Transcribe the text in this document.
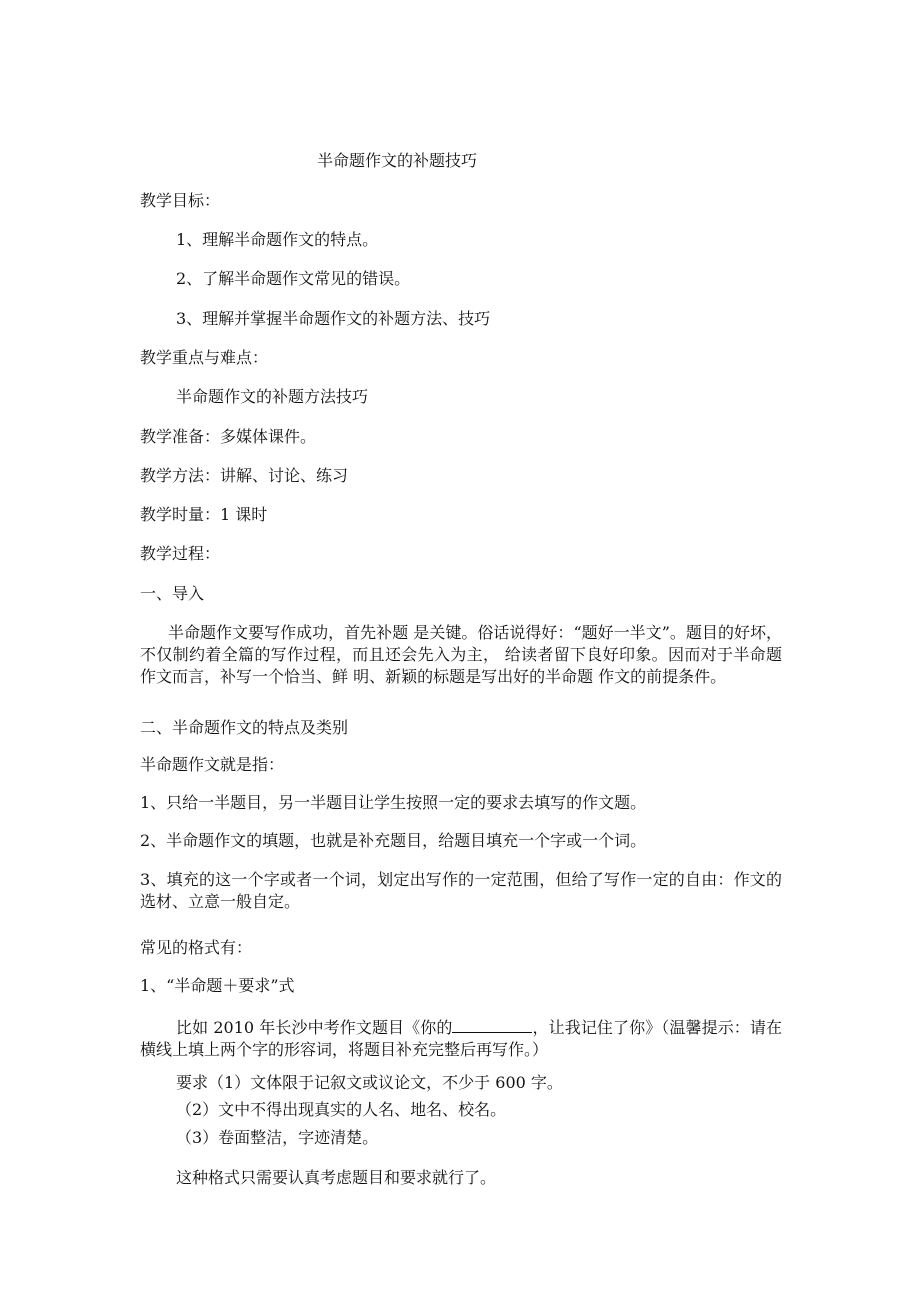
半命题作文的补题技巧
教学目标：
1、理解半命题作文的特点。
2、了解半命题作文常见的错误。
3、理解并掌握半命题作文的补题方法、技巧
教学重点与难点：
半命题作文的补题方法技巧
教学准备：多媒体课件。
教学方法：讲解、讨论、练习
教学时量：1 课时
教学过程：
一、导入
半命题作文要写作成功，首先补题 是关键。俗话说得好：“题好一半文”。题目的好坏，不仅制约着全篇的写作过程，而且还会先入为主， 给读者留下良好印象。因而对于半命题作文而言，补写一个恰当、鲜 明、新颖的标题是写出好的半命题 作文的前提条件。
二、半命题作文的特点及类别
半命题作文就是指：
1、只给一半题目，另一半题目让学生按照一定的要求去填写的作文题。
2、半命题作文的填题，也就是补充题目，给题目填充一个字或一个词。
3、填充的这一个字或者一个词，划定出写作的一定范围，但给了写作一定的自由：作文的选材、立意一般自定。
常见的格式有：
1、“半命题＋要求”式
比如 2010 年长沙中考作文题目《你的	，让我记住了你》（温馨提示：请在横线上填上两个字的形容词，将题目补充完整后再写作。）
要求（1）文体限于记叙文或议论文，不少于 600 字。
（2）文中不得出现真实的人名、地名、校名。
（3）卷面整洁，字迹清楚。
这种格式只需要认真考虑题目和要求就行了。
